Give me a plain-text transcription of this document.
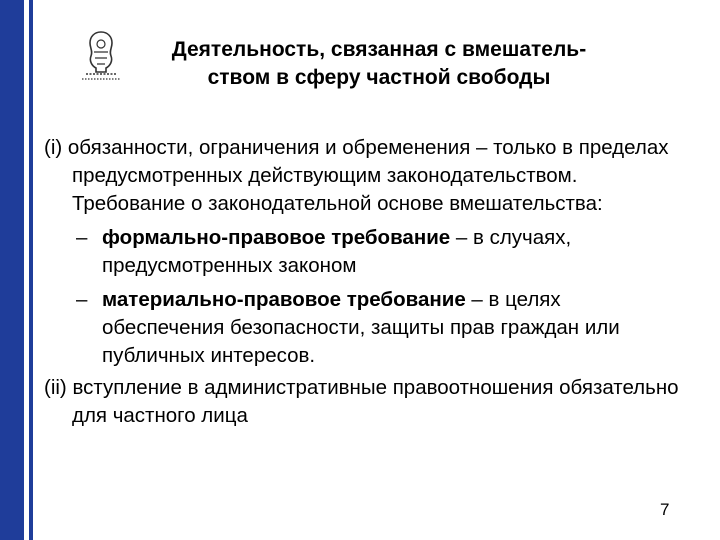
Деятельность, связанная с вмешатель-
ством в сферу частной свободы

(i) обязанности, ограничения и обременения – только в пределах предусмотренных действующим законодательством. Требование о законодательной основе вмешательства:

– формально-правовое требование – в случаях, предусмотренных законом
– материально-правовое требование – в целях обеспечения безопасности, защиты прав граждан или публичных интересов.

(ii) вступление в административные правоотношения обязательно для частного лица

7
